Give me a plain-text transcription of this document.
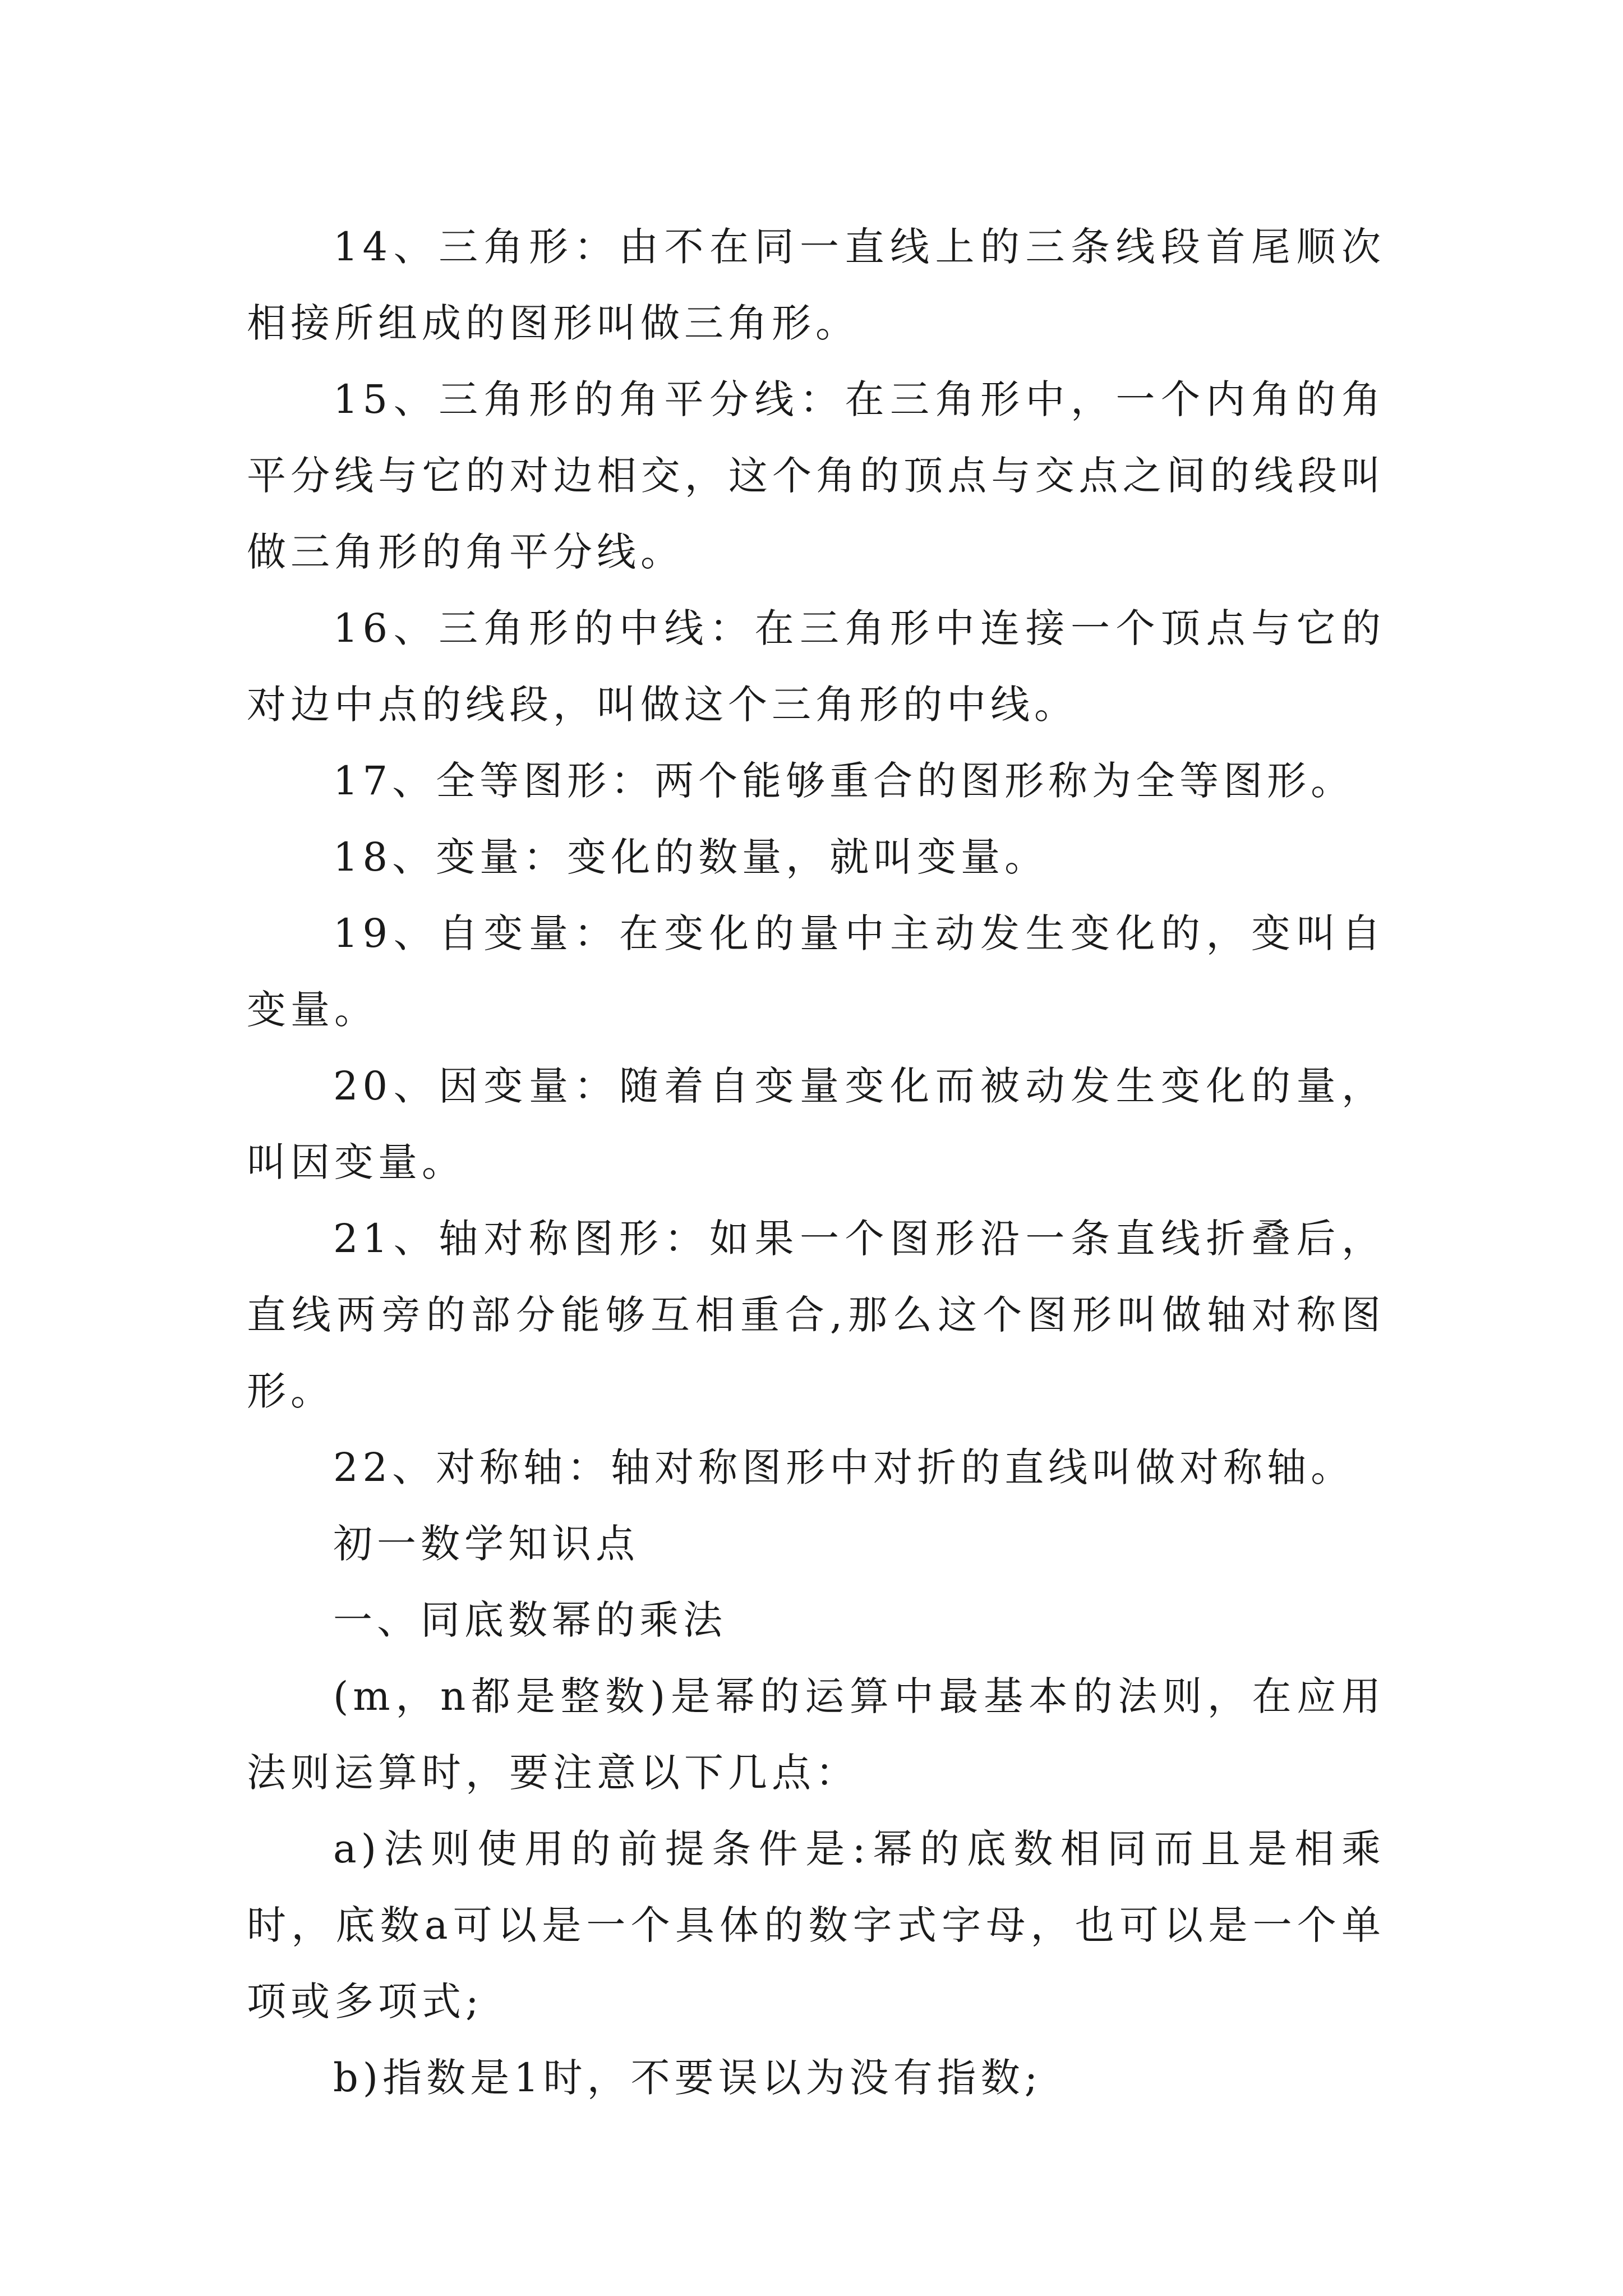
14、三角形：由不在同一直线上的三条线段首尾顺次相接所组成的图形叫做三角形。

15、三角形的角平分线：在三角形中，一个内角的角平分线与它的对边相交，这个角的顶点与交点之间的线段叫做三角形的角平分线。

16、三角形的中线：在三角形中连接一个顶点与它的对边中点的线段，叫做这个三角形的中线。

17、全等图形：两个能够重合的图形称为全等图形。

18、变量：变化的数量，就叫变量。

19、自变量：在变化的量中主动发生变化的，变叫自变量。

20、因变量：随着自变量变化而被动发生变化的量，叫因变量。

21、轴对称图形：如果一个图形沿一条直线折叠后，直线两旁的部分能够互相重合,那么这个图形叫做轴对称图形。

22、对称轴：轴对称图形中对折的直线叫做对称轴。

初一数学知识点

一、同底数幂的乘法

(m，n都是整数)是幂的运算中最基本的法则，在应用法则运算时，要注意以下几点：

a)法则使用的前提条件是:幂的底数相同而且是相乘时，底数a可以是一个具体的数字式字母，也可以是一个单项或多项式;

b)指数是1时，不要误以为没有指数;
